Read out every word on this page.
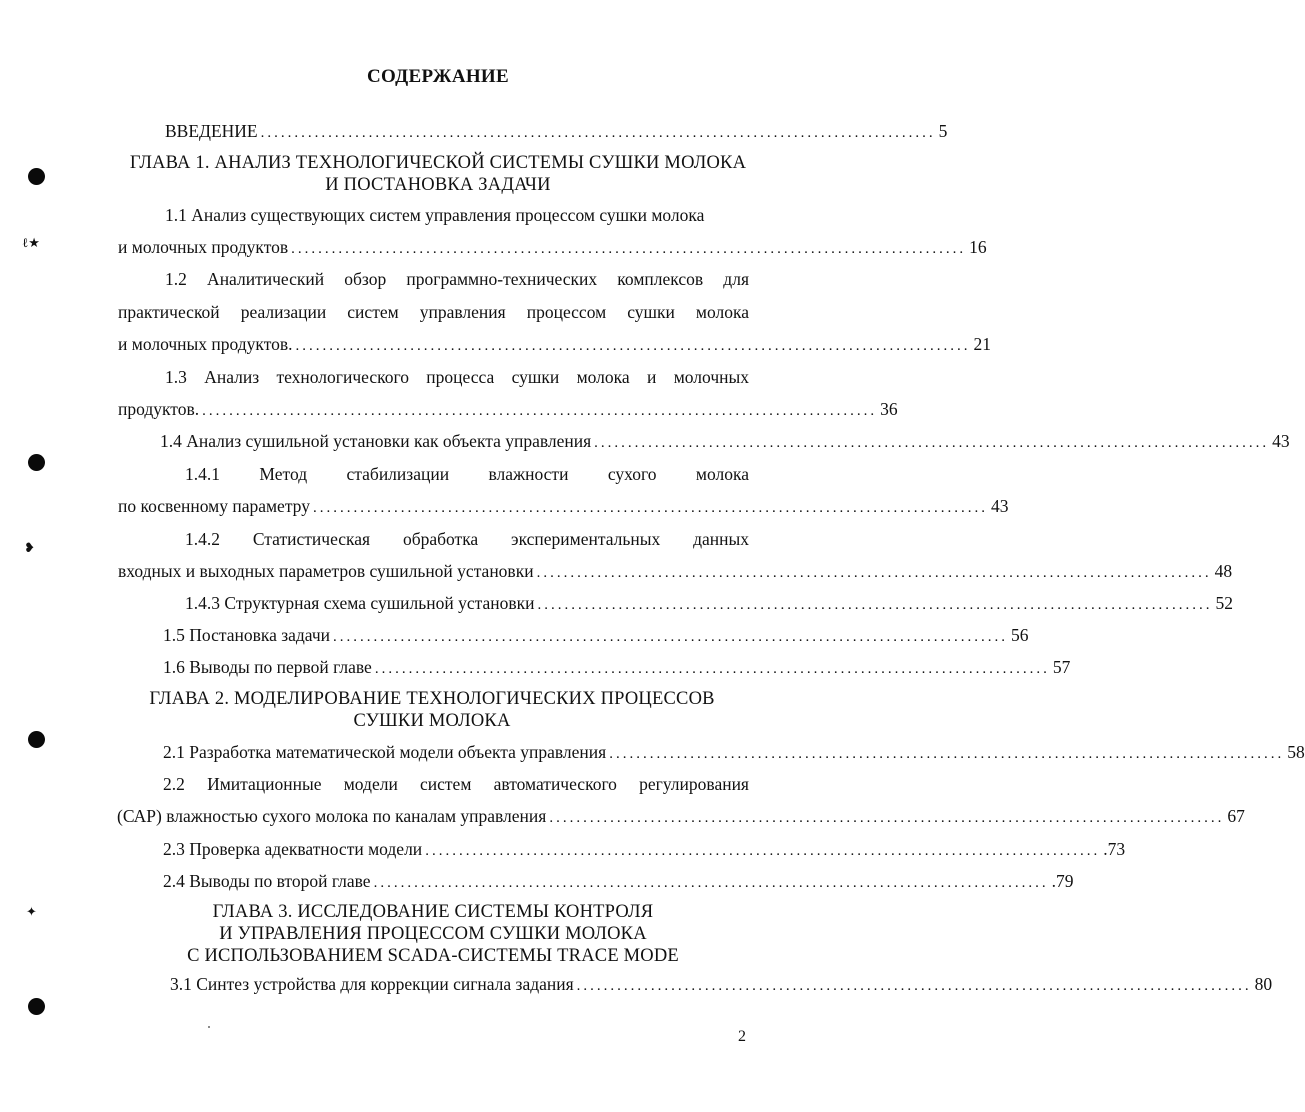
ℓ★
❥
✦
СОДЕРЖАНИЕ
ВВЕДЕНИЕ .................................................................................................... 5
ГЛАВА 1. АНАЛИЗ ТЕХНОЛОГИЧЕСКОЙ СИСТЕМЫ СУШКИ МОЛОКА
И ПОСТАНОВКА ЗАДАЧИ
1.1 Анализ существующих систем управления процессом сушки молока
и молочных продуктов .................................................................................................... 16
1.2 Аналитический обзор программно-технических комплексов для
практической реализации систем управления процессом сушки молока
и молочных продуктов. .................................................................................................... 21
1.3 Анализ технологического процесса сушки молока и молочных
продуктов. .................................................................................................... 36
1.4 Анализ сушильной установки как объекта управления .................................................................................................... 43
1.4.1 Метод стабилизации влажности сухого молока
по косвенному параметру .................................................................................................... 43
1.4.2 Статистическая обработка экспериментальных данных
входных и выходных параметров сушильной установки .................................................................................................... 48
1.4.3 Структурная схема сушильной установки .................................................................................................... 52
1.5 Постановка задачи .................................................................................................... 56
1.6 Выводы по первой главе .................................................................................................... 57
ГЛАВА 2. МОДЕЛИРОВАНИЕ ТЕХНОЛОГИЧЕСКИХ ПРОЦЕССОВ
СУШКИ МОЛОКА
2.1 Разработка математической модели объекта управления .................................................................................................... 58
2.2 Имитационные модели систем автоматического регулирования
(САР) влажностью сухого молока по каналам управления .................................................................................................... 67
2.3 Проверка адекватности модели .................................................................................................... .73
2.4 Выводы по второй главе .................................................................................................... .79
ГЛАВА 3. ИССЛЕДОВАНИЕ СИСТЕМЫ КОНТРОЛЯ
И УПРАВЛЕНИЯ ПРОЦЕССОМ СУШКИ МОЛОКА
С ИСПОЛЬЗОВАНИЕМ SCADA-СИСТЕМЫ TRACE MODE
3.1 Синтез устройства для коррекции сигнала задания .................................................................................................... 80
2
